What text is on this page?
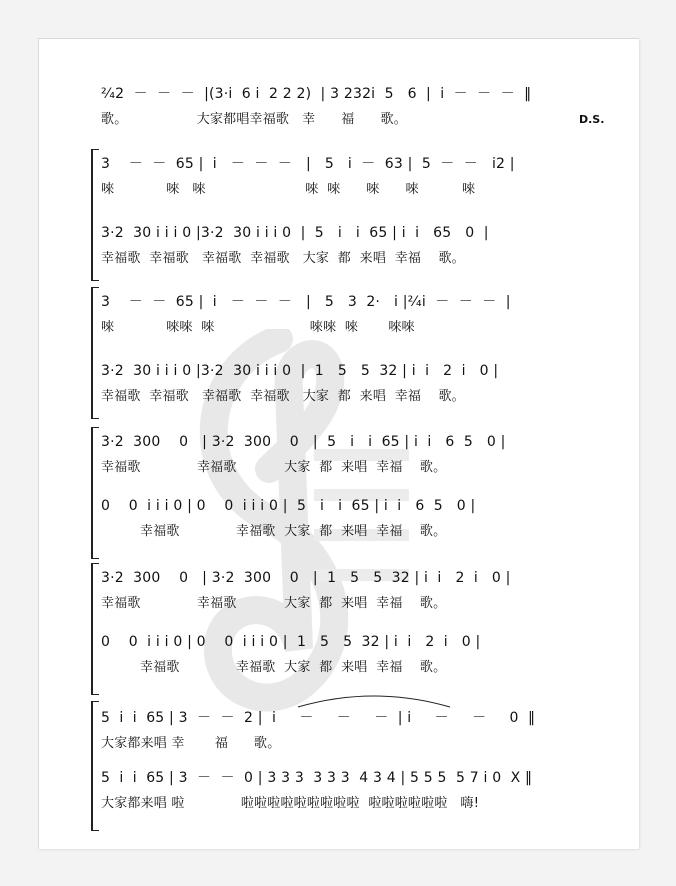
²⁄₄2  －  －  －  |(3·i  6 i  2 2 2)  | 3 232i  5   6  |  i  －  －  －  ‖
歌。                大家都唱幸福歌   幸      福      歌。	D.S.
3    －  －  65 |  i   －  －  －   |   5   i  －  63 |  5  －  －   i2 |
唻            唻   唻                       唻  唻      唻      唻          唻
3·2  30 i i i 0 |3·2  30 i i i 0  |  5   i   i  65 | i  i   65   0  |
幸福歌  幸福歌   幸福歌  幸福歌   大家  都  来唱  幸福    歌。
3    －  －  65 |  i   －  －  －   |   5   3  2·   i |²⁄₄i  －  －  －  |
唻            唻唻  唻                      唻唻  唻       唻唻
3·2  30 i i i 0 |3·2  30 i i i 0  |  1   5   5  32 | i  i   2  i   0 |
幸福歌  幸福歌   幸福歌  幸福歌   大家  都  来唱  幸福    歌。
3·2  300    0   | 3·2  300    0   |  5   i   i  65 | i  i   6  5   0 |
幸福歌             幸福歌           大家  都  来唱  幸福    歌。
0    0  i i i 0 | 0    0  i i i 0 |  5   i   i  65 | i  i   6  5   0 |
幸福歌             幸福歌  大家  都  来唱  幸福    歌。
3·2  300    0   | 3·2  300    0   |  1   5   5  32 | i  i   2  i   0 |
幸福歌             幸福歌           大家  都  来唱  幸福    歌。
0    0  i i i 0 | 0    0  i i i 0 |  1   5   5  32 | i  i   2  i   0 |
幸福歌             幸福歌  大家  都  来唱  幸福    歌。
5  i  i  65 | 3  －  －  2 |  i     －     －     －  | i     －     －     0  ‖
大家都来唱 幸       福      歌。
5  i  i  65 | 3  －  －  0 | 3 3 3  3 3 3  4 3 4 | 5 5 5  5 7 i 0  X ‖
大家都来唱 啦             啦啦啦啦啦啦啦啦啦  啦啦啦啦啦啦   嗨!
